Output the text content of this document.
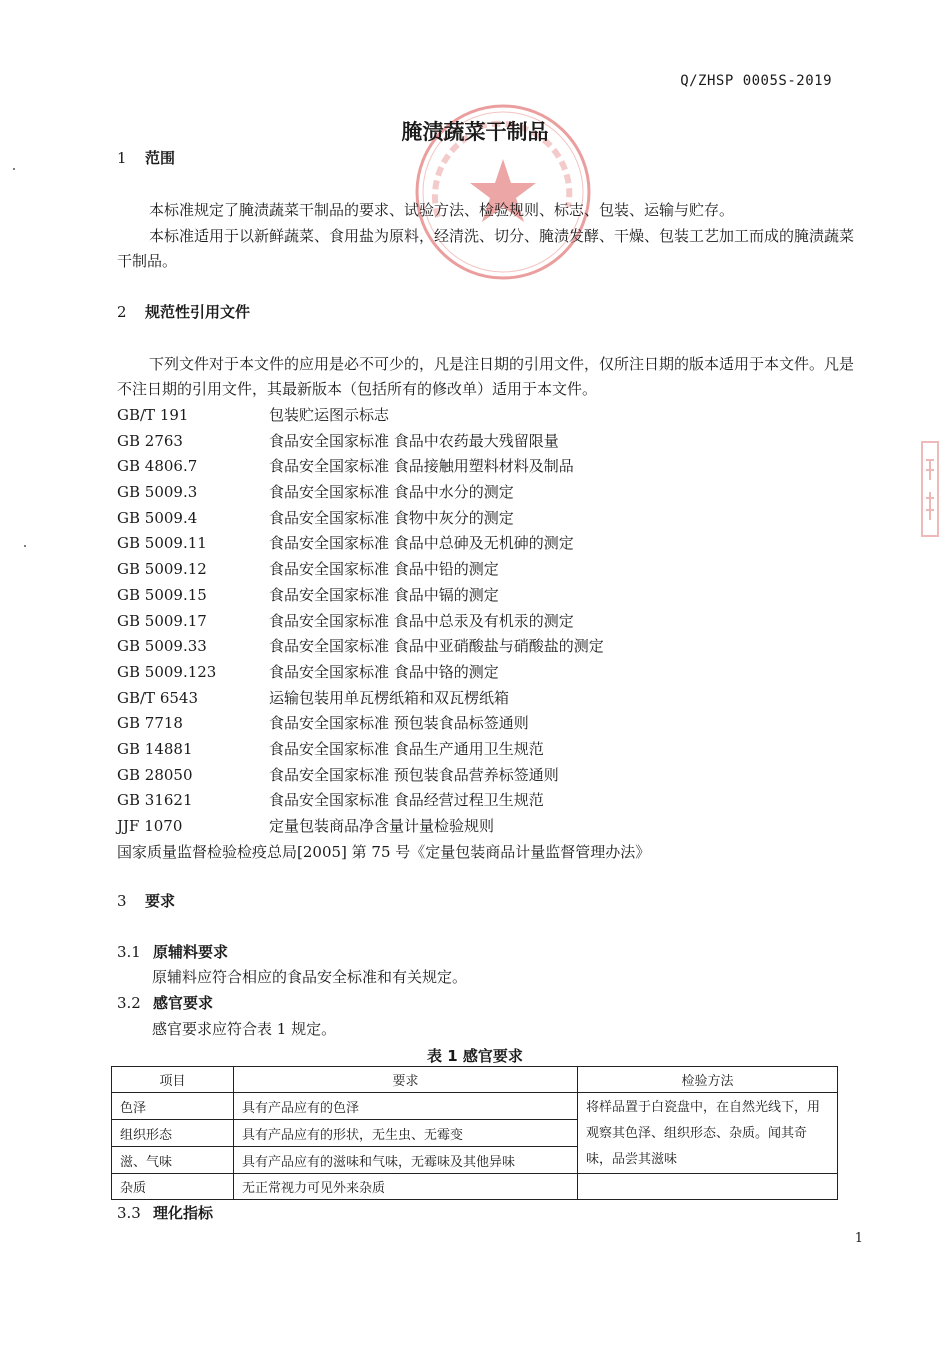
Q/ZHSP 0005S-2019
腌渍蔬菜干制品
1 范围
本标准规定了腌渍蔬菜干制品的要求、试验方法、检验规则、标志、包装、运输与贮存。
本标准适用于以新鲜蔬菜、食用盐为原料，经清洗、切分、腌渍发酵、干燥、包装工艺加工而成的腌渍蔬菜干制品。
2 规范性引用文件
下列文件对于本文件的应用是必不可少的，凡是注日期的引用文件，仅所注日期的版本适用于本文件。凡是不注日期的引用文件，其最新版本（包括所有的修改单）适用于本文件。
GB/T 191	包装贮运图示标志
GB 2763	食品安全国家标准 食品中农药最大残留限量
GB 4806.7	食品安全国家标准 食品接触用塑料材料及制品
GB 5009.3	食品安全国家标准 食品中水分的测定
GB 5009.4	食品安全国家标准 食物中灰分的测定
GB 5009.11	食品安全国家标准 食品中总砷及无机砷的测定
GB 5009.12	食品安全国家标准 食品中铅的测定
GB 5009.15	食品安全国家标准 食品中镉的测定
GB 5009.17	食品安全国家标准 食品中总汞及有机汞的测定
GB 5009.33	食品安全国家标准 食品中亚硝酸盐与硝酸盐的测定
GB 5009.123	食品安全国家标准 食品中铬的测定
GB/T 6543	运输包装用单瓦楞纸箱和双瓦楞纸箱
GB 7718	食品安全国家标准 预包装食品标签通则
GB 14881	食品安全国家标准 食品生产通用卫生规范
GB 28050	食品安全国家标准 预包装食品营养标签通则
GB 31621	食品安全国家标准 食品经营过程卫生规范
JJF 1070	定量包装商品净含量计量检验规则
国家质量监督检验检疫总局[2005] 第 75 号《定量包装商品计量监督管理办法》
3 要求
3.1 原辅料要求
原辅料应符合相应的食品安全标准和有关规定。
3.2 感官要求
感官要求应符合表 1 规定。
表 1 感官要求
项目	要求	检验方法
色泽	具有产品应有的色泽	将样品置于白瓷盘中，在自然光线下，用观察其色泽、组织形态、杂质。闻其奇味，品尝其滋味
组织形态	具有产品应有的形状，无生虫、无霉变	
滋、气味	具有产品应有的滋味和气味，无霉味及其他异味	
杂质	无正常视力可见外来杂质	
3.3 理化指标
1
